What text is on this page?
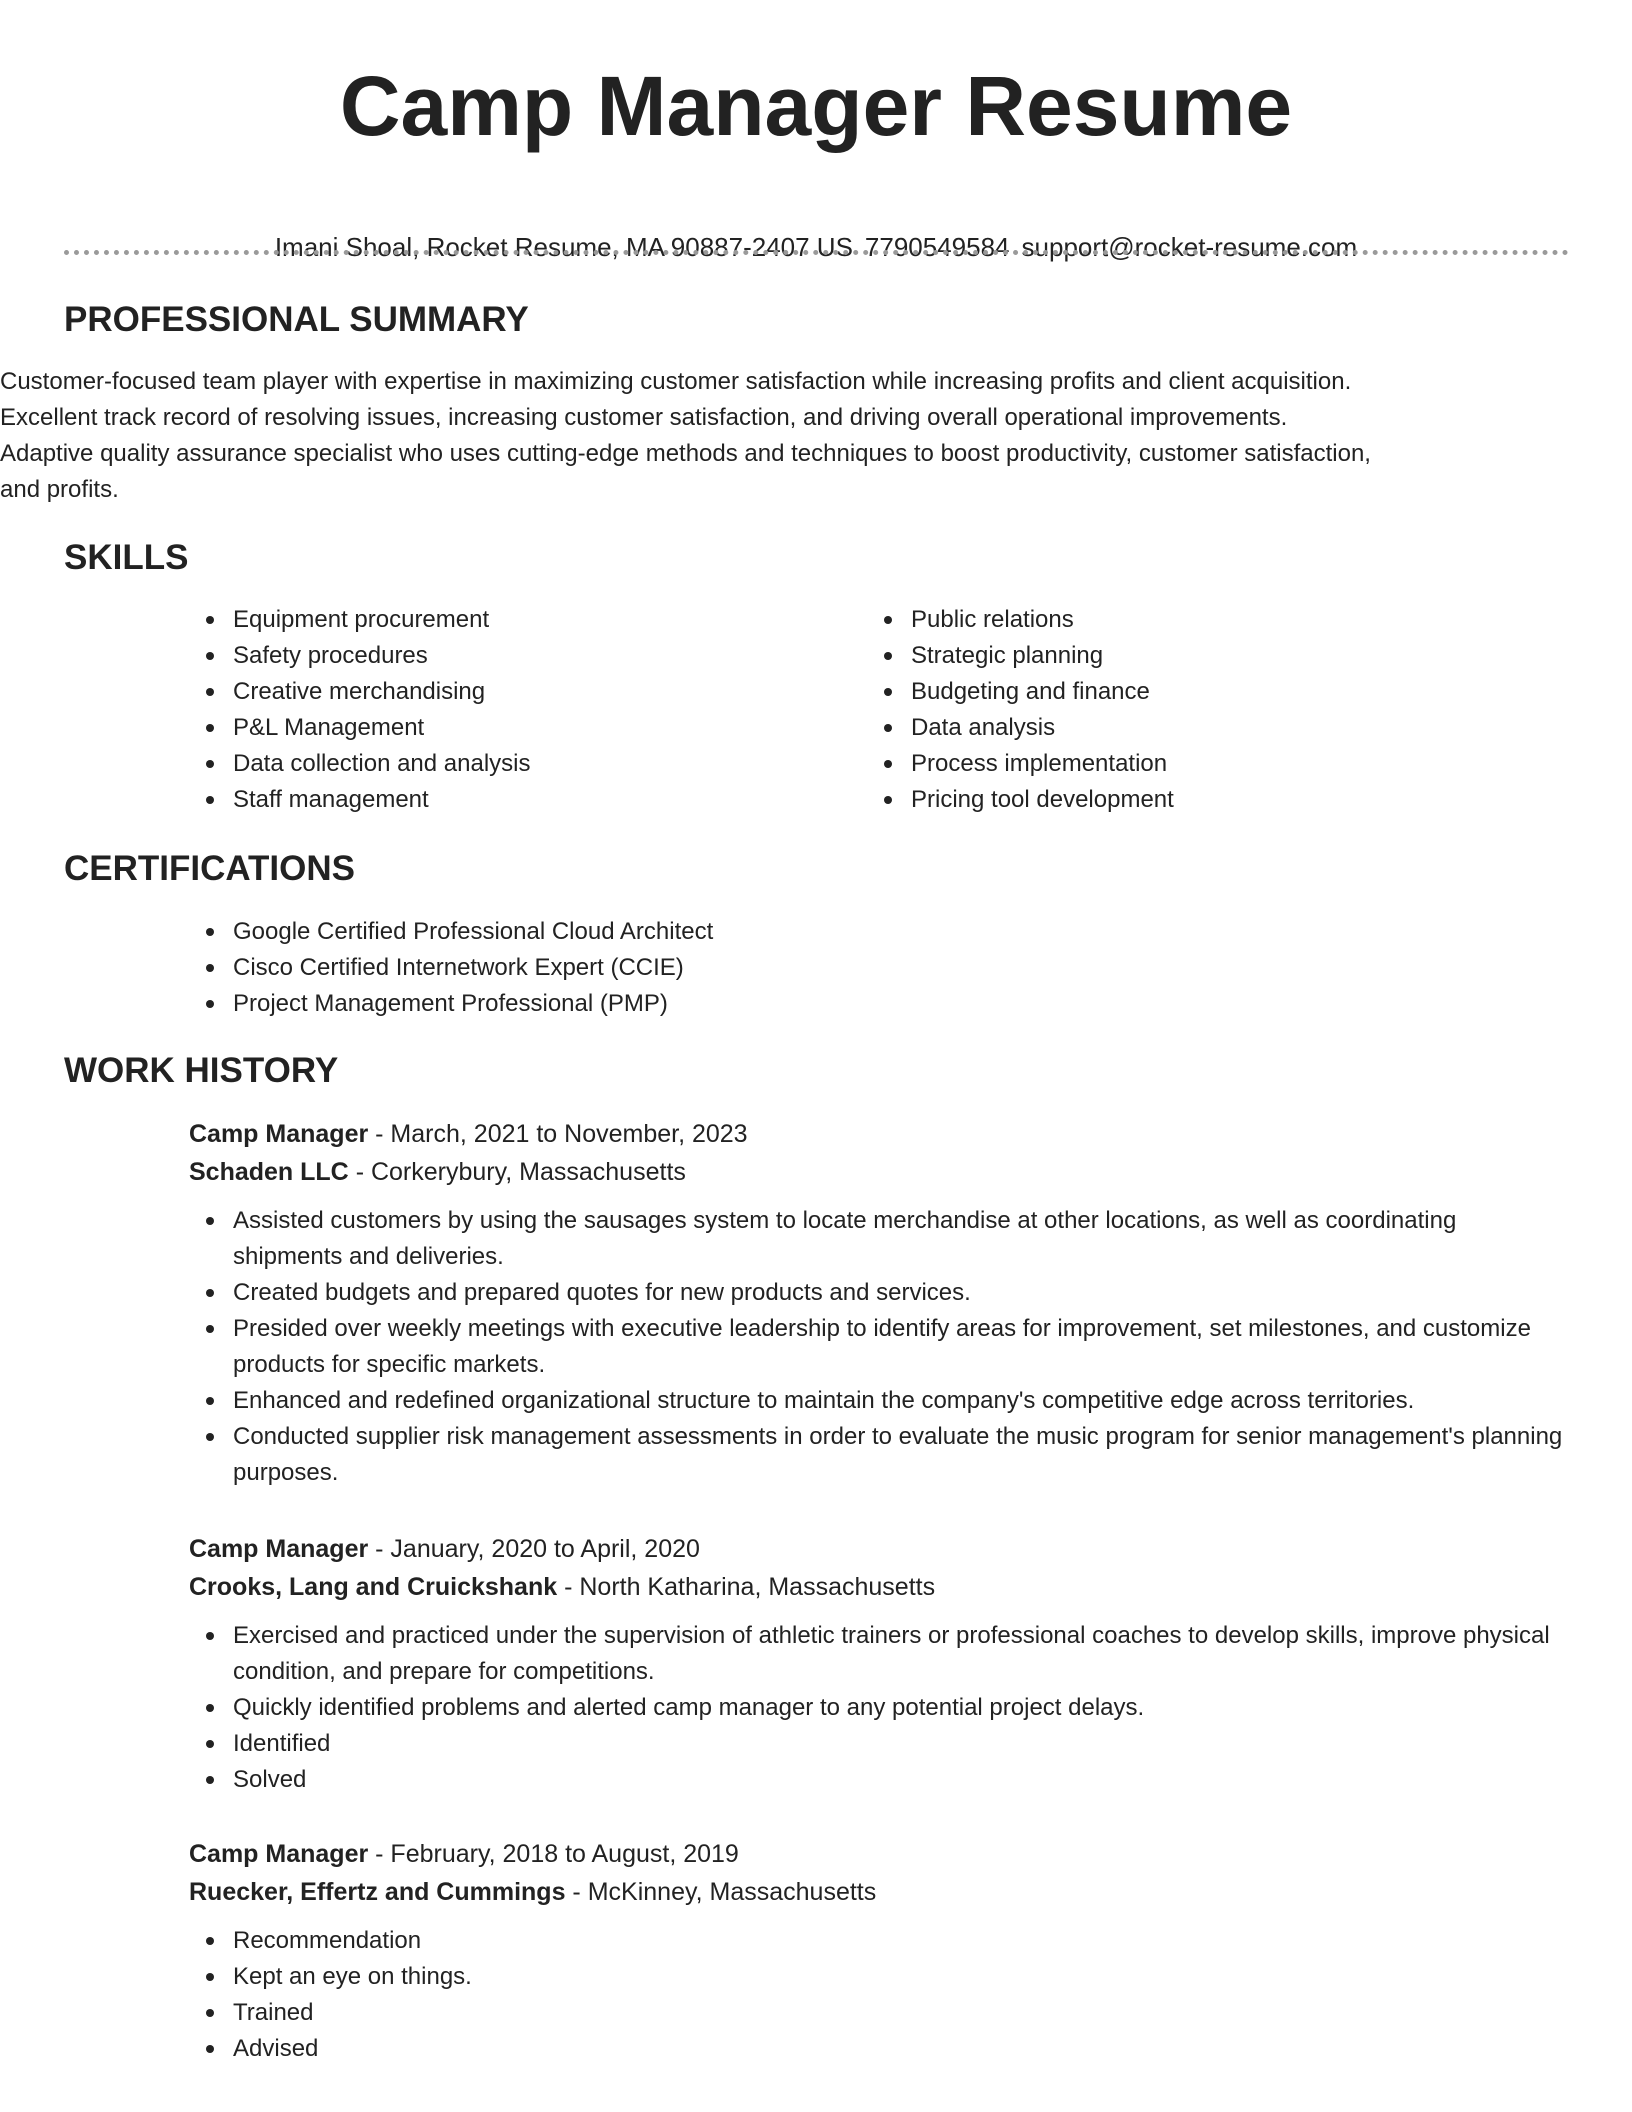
Camp Manager Resume
Imani Shoal, Rocket Resume, MA 90887-2407 US 7790549584 support@rocket-resume.com
PROFESSIONAL SUMMARY

Customer-focused team player with expertise in maximizing customer satisfaction while increasing profits and client acquisition. Excellent track record of resolving issues, increasing customer satisfaction, and driving overall operational improvements. Adaptive quality assurance specialist who uses cutting-edge methods and techniques to boost productivity, customer satisfaction, and profits.

SKILLS
Equipment procurement
Safety procedures
Creative merchandising
P&L Management
Data collection and analysis
Staff management
Public relations
Strategic planning
Budgeting and finance
Data analysis
Process implementation
Pricing tool development
CERTIFICATIONS
Google Certified Professional Cloud Architect
Cisco Certified Internetwork Expert (CCIE)
Project Management Professional (PMP)
WORK HISTORY
Camp Manager - March, 2021 to November, 2023
Schaden LLC - Corkerybury, Massachusetts
Assisted customers by using the sausages system to locate merchandise at other locations, as well as coordinating shipments and deliveries.
Created budgets and prepared quotes for new products and services.
Presided over weekly meetings with executive leadership to identify areas for improvement, set milestones, and customize products for specific markets.
Enhanced and redefined organizational structure to maintain the company's competitive edge across territories.
Conducted supplier risk management assessments in order to evaluate the music program for senior management's planning purposes.
Camp Manager - January, 2020 to April, 2020
Crooks, Lang and Cruickshank - North Katharina, Massachusetts
Exercised and practiced under the supervision of athletic trainers or professional coaches to develop skills, improve physical condition, and prepare for competitions.
Quickly identified problems and alerted camp manager to any potential project delays.
Identified
Solved
Camp Manager - February, 2018 to August, 2019
Ruecker, Effertz and Cummings - McKinney, Massachusetts
Recommendation
Kept an eye on things.
Trained
Advised
